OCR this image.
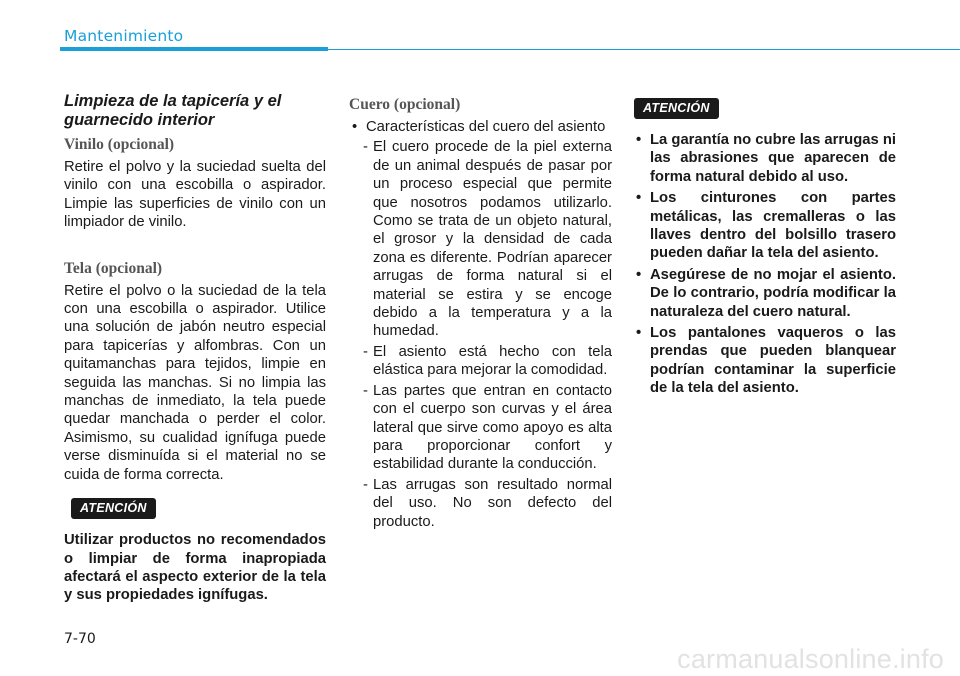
Mantenimiento
Limpieza de la tapicería y el guarnecido interior
Vinilo (opcional)

Retire el polvo y la suciedad suelta del vinilo con una escobilla o aspirador. Limpie las superficies de vinilo con un limpiador de vinilo.

Tela (opcional)

Retire el polvo o la suciedad de la tela con una escobilla o aspirador. Utilice una solución de jabón neutro especial para tapicerías y alfombras. Con un quitamanchas para tejidos, limpie en seguida las manchas. Si no limpia las manchas de inmediato, la tela puede quedar manchada o perder el color. Asimismo, su cualidad ignífuga puede verse disminuída si el material no se cuida de forma correcta.

ATENCIÓN

Utilizar productos no recomendados o limpiar de forma inapropiada afectará el aspecto exterior de la tela y sus propiedades ignífugas.

Cuero (opcional)
• Características del cuero del asiento
- El cuero procede de la piel externa de un animal después de pasar por un proceso especial que permite que nosotros podamos utilizarlo. Como se trata de un objeto natural, el grosor y la densidad de cada zona es diferente. Podrían aparecer arrugas de forma natural si el material se estira y se encoge debido a la temperatura y a la humedad.
- El asiento está hecho con tela elástica para mejorar la comodidad.
- Las partes que entran en contacto con el cuerpo son curvas y el área lateral que sirve como apoyo es alta para proporcionar confort y estabilidad durante la conducción.
- Las arrugas son resultado normal del uso. No son defecto del producto.
ATENCIÓN
• La garantía no cubre las arrugas ni las abrasiones que aparecen de forma natural debido al uso.
• Los cinturones con partes metálicas, las cremalleras o las llaves dentro del bolsillo trasero pueden dañar la tela del asiento.
• Asegúrese de no mojar el asiento. De lo contrario, podría modificar la naturaleza del cuero natural.
• Los pantalones vaqueros o las prendas que pueden blanquear podrían contaminar la superficie de la tela del asiento.
7-70
carmanualsonline.info
